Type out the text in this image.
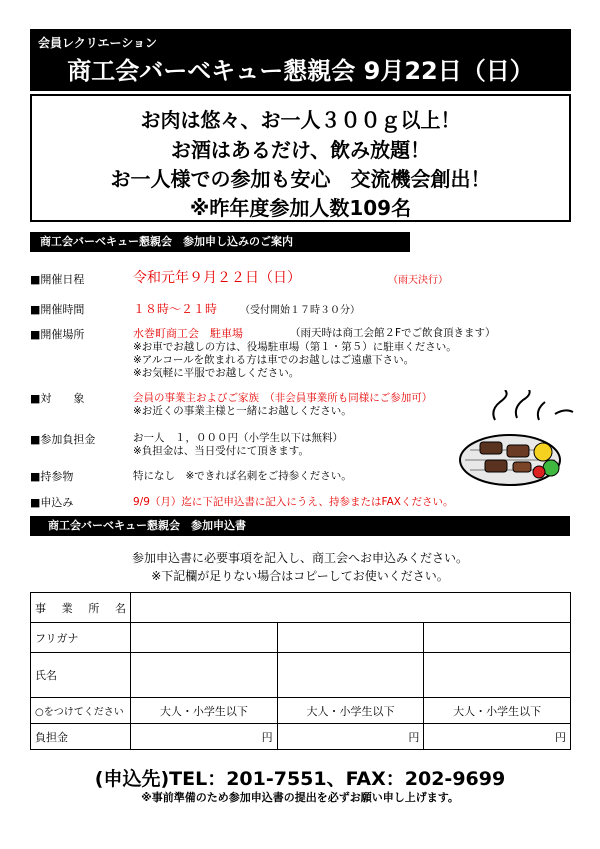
会員レクリエーション
商工会バーベキュー懇親会 9月22日（日）
お肉は悠々、お一人３００ｇ以上！
お酒はあるだけ、飲み放題！
お一人様での参加も安心　交流機会創出！
※昨年度参加人数109名
商工会バーベキュー懇親会　参加申し込みのご案内
■開催日程	令和元年９月２２日（日）	（雨天決行）
■開催時間	１８時〜２１時 （受付開始１７時３０分）
■開催場所	水巻町商工会　駐車場	（雨天時は商工会館２Fでご飲食頂きます）
※お車でお越しの方は、役場駐車場（第１・第５）に駐車ください。
※アルコールを飲まれる方は車でのお越しはご遠慮下さい。
※お気軽に平服でお越しください。
■対　　象	会員の事業主およびご家族　（非会員事業所も同様にご参加可）
※お近くの事業主様と一緒にお越しください。
■参加負担金	お一人　１，０００円（小学生以下は無料）
※負担金は、当日受付にて頂きます。
■持参物	特になし　※できれば名刺をご持参ください。
■申込み	9/9（月）迄に下記申込書に記入にうえ、持参またはFAXください。
商工会バーベキュー懇親会　参加申込書
参加申込書に必要事項を記入し、商工会へお申込みください。
※下記欄が足りない場合はコピーしてお使いください。
事 業 所 名			

フリガナ			
氏名			
○をつけてください	大人・小学生以下	大人・小学生以下	大人・小学生以下
負担金	円	円	円
(申込先)TEL：201-7551、FAX：202-9699
※事前準備のため参加申込書の提出を必ずお願い申し上げます。
